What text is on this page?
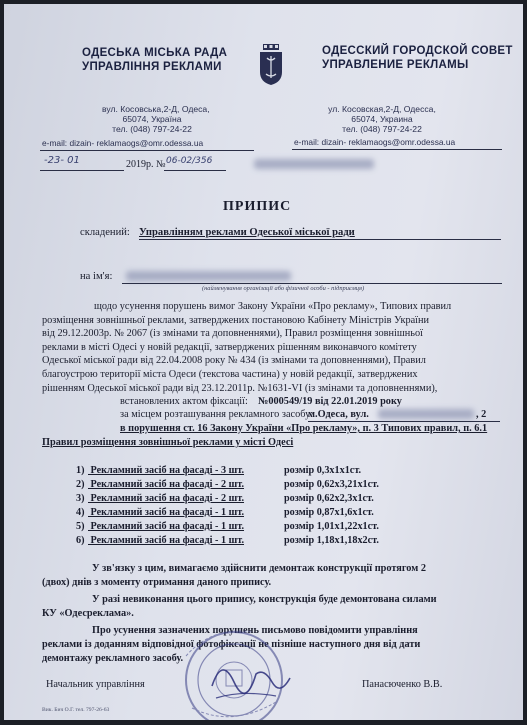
ОДЕСЬКА МІСЬКА РАДА
УПРАВЛІННЯ РЕКЛАМИ
ОДЕССКИЙ ГОРОДСКОЙ СОВЕТ
УПРАВЛЕНИЕ РЕКЛАМЫ
вул. Косовська,2-Д, Одеса,
65074, Україна
тел. (048) 797-24-22
e-mail: dizain- reklamaogs@omr.odessa.ua
ул. Косовская,2-Д, Одесса,
65074, Украина
тел. (048) 797-24-22
e-mail: dizain- reklamaogs@omr.odessa.ua
-23- 01	2019р. № 06-02/356
ПРИПИС
складений: Управлінням реклами Одеської міської ради
на ім'я:
(найменування організації або фізичної особи - підприємця)
щодо усунення порушень вимог Закону України «Про рекламу», Типових правил
розміщення зовнішньої реклами, затверджених постановою Кабінету Міністрів України
від 29.12.2003р. № 2067 (із змінами та доповненнями), Правил розміщення зовнішньої
реклами в місті Одесі у новій редакції, затверджених рішенням виконавчого комітету
Одеської міської ради від 22.04.2008 року № 434 (із змінами та доповненнями), Правил
благоустрою території міста Одеси (текстова частина) у новій редакції, затверджених
рішенням Одеської міської ради від 23.12.2011р. №1631-VI (із змінами та доповненнями),
встановлених актом фіксації: №000549/19 від 22.01.2019 року
за місцем розташування рекламного засобу:
м.Одеса, вул.	, 2
в порушення ст. 16 Закону України «Про рекламу», п. 3 Типових правил, п. 6.1
Правил розміщення зовнішньої реклами у місті Одесі
1) Рекламний засіб на фасаді - 3 шт.	розмір 0,3х1х1ст.
2) Рекламний засіб на фасаді - 2 шт.	розмір 0,62х3,21х1ст.
3) Рекламний засіб на фасаді - 2 шт.	розмір 0,62х2,3х1ст.
4) Рекламний засіб на фасаді - 1 шт.	розмір 0,87х1,6х1ст.
5) Рекламний засіб на фасаді - 1 шт.	розмір 1,01х1,22х1ст.
6) Рекламний засіб на фасаді - 1 шт.	розмір 1,18х1,18х2ст.
У зв'язку з цим, вимагаємо здійснити демонтаж конструкції протягом 2
(двох) днів з моменту отримання даного припису.
У разі невиконання цього припису, конструкція буде демонтована силами
КУ «Одесреклама».
Про усунення зазначених порушень письмово повідомити управління
реклами із доданням відповідної фотофіксації не пізніше наступного дня від дати
демонтажу рекламного засобу.
Начальник управління	Панасюченко В.В.
Вик. Бич О.Г. тел. 797-26-63
